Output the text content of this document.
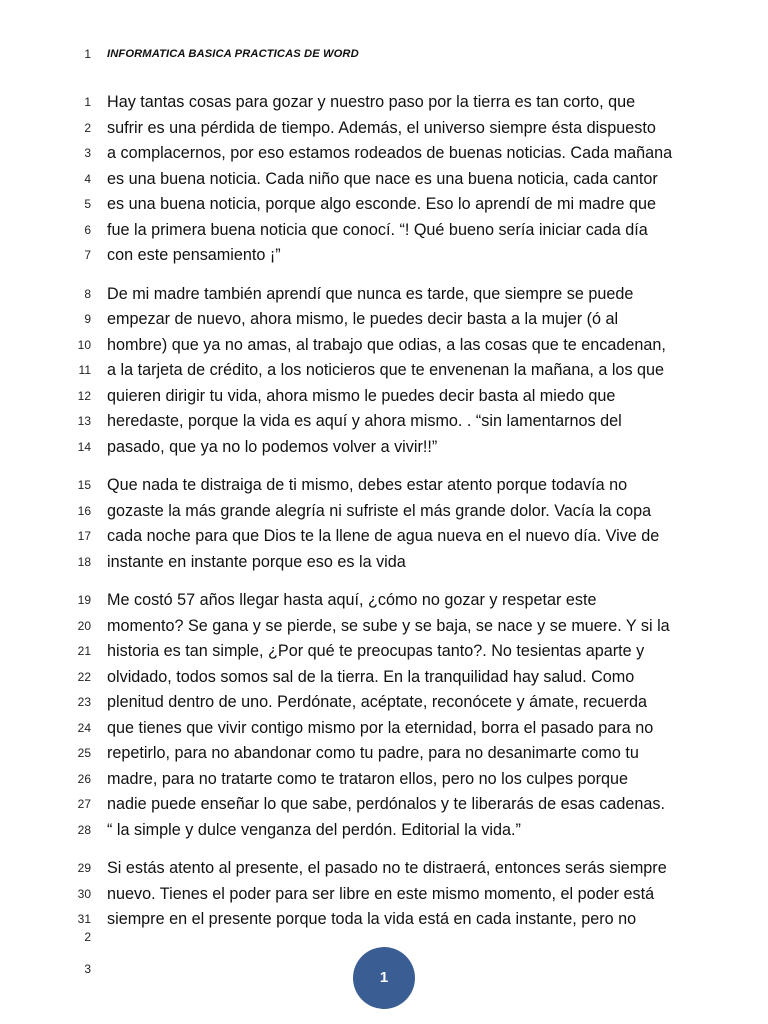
1 INFORMATICA BASICA PRACTICAS DE WORD
1 Hay tantas cosas para gozar y nuestro paso por la tierra es tan corto, que
2 sufrir es una pérdida de tiempo. Además, el universo siempre ésta dispuesto
3 a complacernos, por eso estamos rodeados de buenas noticias. Cada mañana
4 es una buena noticia. Cada niño que nace es una buena noticia, cada cantor
5 es una buena noticia, porque algo esconde. Eso lo aprendí de mi madre que
6 fue la primera buena noticia que conocí. “! Qué bueno sería iniciar cada día
7 con este pensamiento ¡”
8 De mi madre también aprendí que nunca es tarde, que siempre se puede
9 empezar de nuevo, ahora mismo, le puedes decir basta a la mujer (ó al
10 hombre) que ya no amas, al trabajo que odias, a las cosas que te encadenan,
11 a la tarjeta de crédito, a los noticieros que te envenenan la mañana, a los que
12 quieren dirigir tu vida, ahora mismo le puedes decir basta al miedo que
13 heredaste, porque la vida es aquí y ahora mismo. . “sin lamentarnos del
14 pasado, que ya no lo podemos volver a vivir!!”
15 Que nada te distraiga de ti mismo, debes estar atento porque todavía no
16 gozaste la más grande alegría ni sufriste el más grande dolor. Vacía la copa
17 cada noche para que Dios te la llene de agua nueva en el nuevo día. Vive de
18 instante en instante porque eso es la vida
19 Me costó 57 años llegar hasta aquí, ¿cómo no gozar y respetar este
20 momento? Se gana y se pierde, se sube y se baja, se nace y se muere. Y si la
21 historia es tan simple, ¿Por qué te preocupas tanto?. No tesientas aparte y
22 olvidado, todos somos sal de la tierra. En la tranquilidad hay salud. Como
23 plenitud dentro de uno. Perdónate, acéptate, reconócete y ámate, recuerda
24 que tienes que vivir contigo mismo por la eternidad, borra el pasado para no
25 repetirlo, para no abandonar como tu padre, para no desanimarte como tu
26 madre, para no tratarte como te trataron ellos, pero no los culpes porque
27 nadie puede enseñar lo que sabe, perdónalos y te liberarás de esas cadenas.
28 “ la simple y dulce venganza del perdón. Editorial la vida.”
29 Si estás atento al presente, el pasado no te distraerá, entonces serás siempre
30 nuevo. Tienes el poder para ser libre en este mismo momento, el poder está
31 siempre en el presente porque toda la vida está en cada instante, pero no
2
3	1
